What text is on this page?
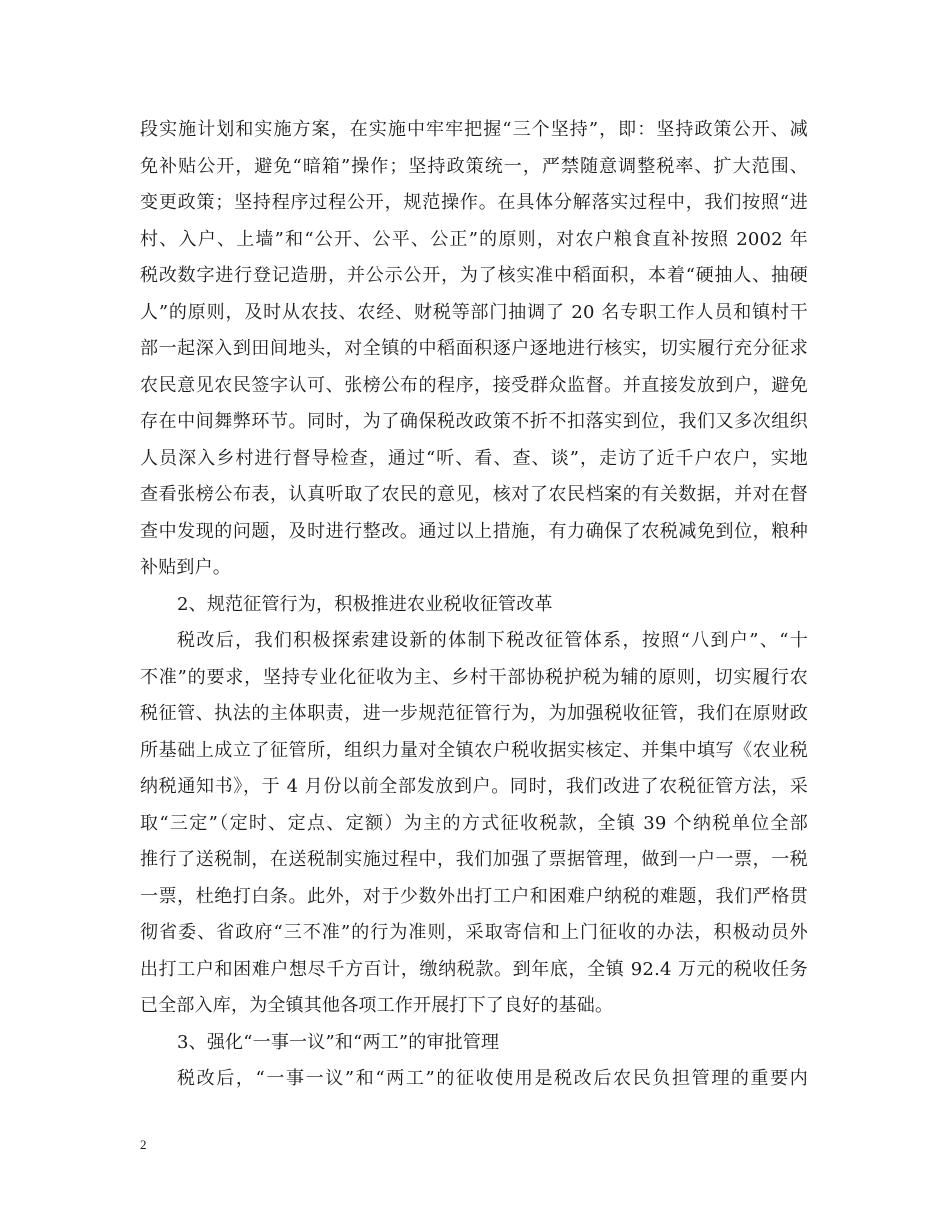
段实施计划和实施方案，在实施中牢牢把握“三个坚持”，即：坚持政策公开、减
免补贴公开，避免“暗箱”操作；坚持政策统一，严禁随意调整税率、扩大范围、
变更政策；坚持程序过程公开，规范操作。在具体分解落实过程中，我们按照“进
村、入户、上墙”和“公开、公平、公正”的原则，对农户粮食直补按照 2002 年
税改数字进行登记造册，并公示公开，为了核实准中稻面积，本着“硬抽人、抽硬
人”的原则，及时从农技、农经、财税等部门抽调了 20 名专职工作人员和镇村干
部一起深入到田间地头，对全镇的中稻面积逐户逐地进行核实，切实履行充分征求
农民意见农民签字认可、张榜公布的程序，接受群众监督。并直接发放到户，避免
存在中间舞弊环节。同时，为了确保税改政策不折不扣落实到位，我们又多次组织
人员深入乡村进行督导检查，通过“听、看、查、谈”，走访了近千户农户，实地
查看张榜公布表，认真听取了农民的意见，核对了农民档案的有关数据，并对在督
查中发现的问题，及时进行整改。通过以上措施，有力确保了农税减免到位，粮种
补贴到户。
2、规范征管行为，积极推进农业税收征管改革
税改后，我们积极探索建设新的体制下税改征管体系，按照“八到户”、“十
不准”的要求，坚持专业化征收为主、乡村干部协税护税为辅的原则，切实履行农
税征管、执法的主体职责，进一步规范征管行为，为加强税收征管，我们在原财政
所基础上成立了征管所，组织力量对全镇农户税收据实核定、并集中填写《农业税
纳税通知书》，于 4 月份以前全部发放到户。同时，我们改进了农税征管方法，采
取“三定”（定时、定点、定额）为主的方式征收税款，全镇 39 个纳税单位全部
推行了送税制，在送税制实施过程中，我们加强了票据管理，做到一户一票，一税
一票，杜绝打白条。此外，对于少数外出打工户和困难户纳税的难题，我们严格贯
彻省委、省政府“三不准”的行为准则，采取寄信和上门征收的办法，积极动员外
出打工户和困难户想尽千方百计，缴纳税款。到年底，全镇 92.4 万元的税收任务
已全部入库，为全镇其他各项工作开展打下了良好的基础。
3、强化“一事一议”和“两工”的审批管理
税改后，“一事一议”和“两工”的征收使用是税改后农民负担管理的重要内
2
